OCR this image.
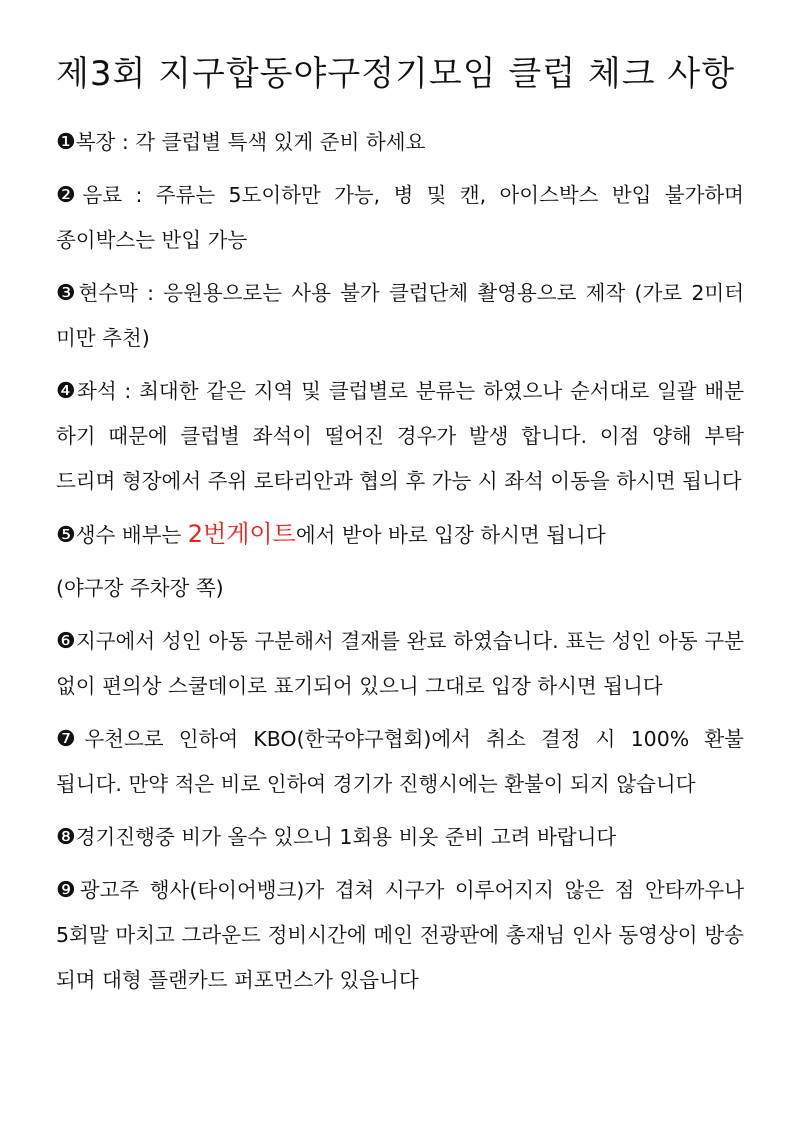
제3회 지구합동야구정기모임 클럽 체크 사항
❶복장 : 각 클럽별 특색 있게 준비 하세요
❷음료 : 주류는 5도이하만 가능, 병 및 캔, 아이스박스 반입 불가하며 종이박스는 반입 가능
❸현수막 : 응원용으로는 사용 불가 클럽단체 촬영용으로 제작 (가로 2미터 미만 추천)
❹좌석 : 최대한 같은 지역 및 클럽별로 분류는 하였으나 순서대로 일괄 배분 하기 때문에 클럽별 좌석이 떨어진 경우가 발생 합니다. 이점 양해 부탁 드리며 형장에서 주위 로타리안과 협의 후 가능 시 좌석 이동을 하시면 됩니다
❺생수 배부는 2번게이트에서 받아 바로 입장 하시면 됩니다
(야구장 주차장 쪽)
❻지구에서 성인 아동 구분해서 결재를 완료 하였습니다. 표는 성인 아동 구분 없이 편의상 스쿨데이로 표기되어 있으니 그대로 입장 하시면 됩니다
❼우천으로 인하여 KBO(한국야구협회)에서 취소 결정 시 100% 환불 됩니다. 만약 적은 비로 인하여 경기가 진행시에는 환불이 되지 않습니다
❽경기진행중 비가 올수 있으니 1회용 비옷 준비 고려 바랍니다
❾광고주 행사(타이어뱅크)가 겹쳐 시구가 이루어지지 않은 점 안타까우나 5회말 마치고 그라운드 정비시간에 메인 전광판에 총재님 인사 동영상이 방송 되며 대형 플랜카드 퍼포먼스가 있읍니다
